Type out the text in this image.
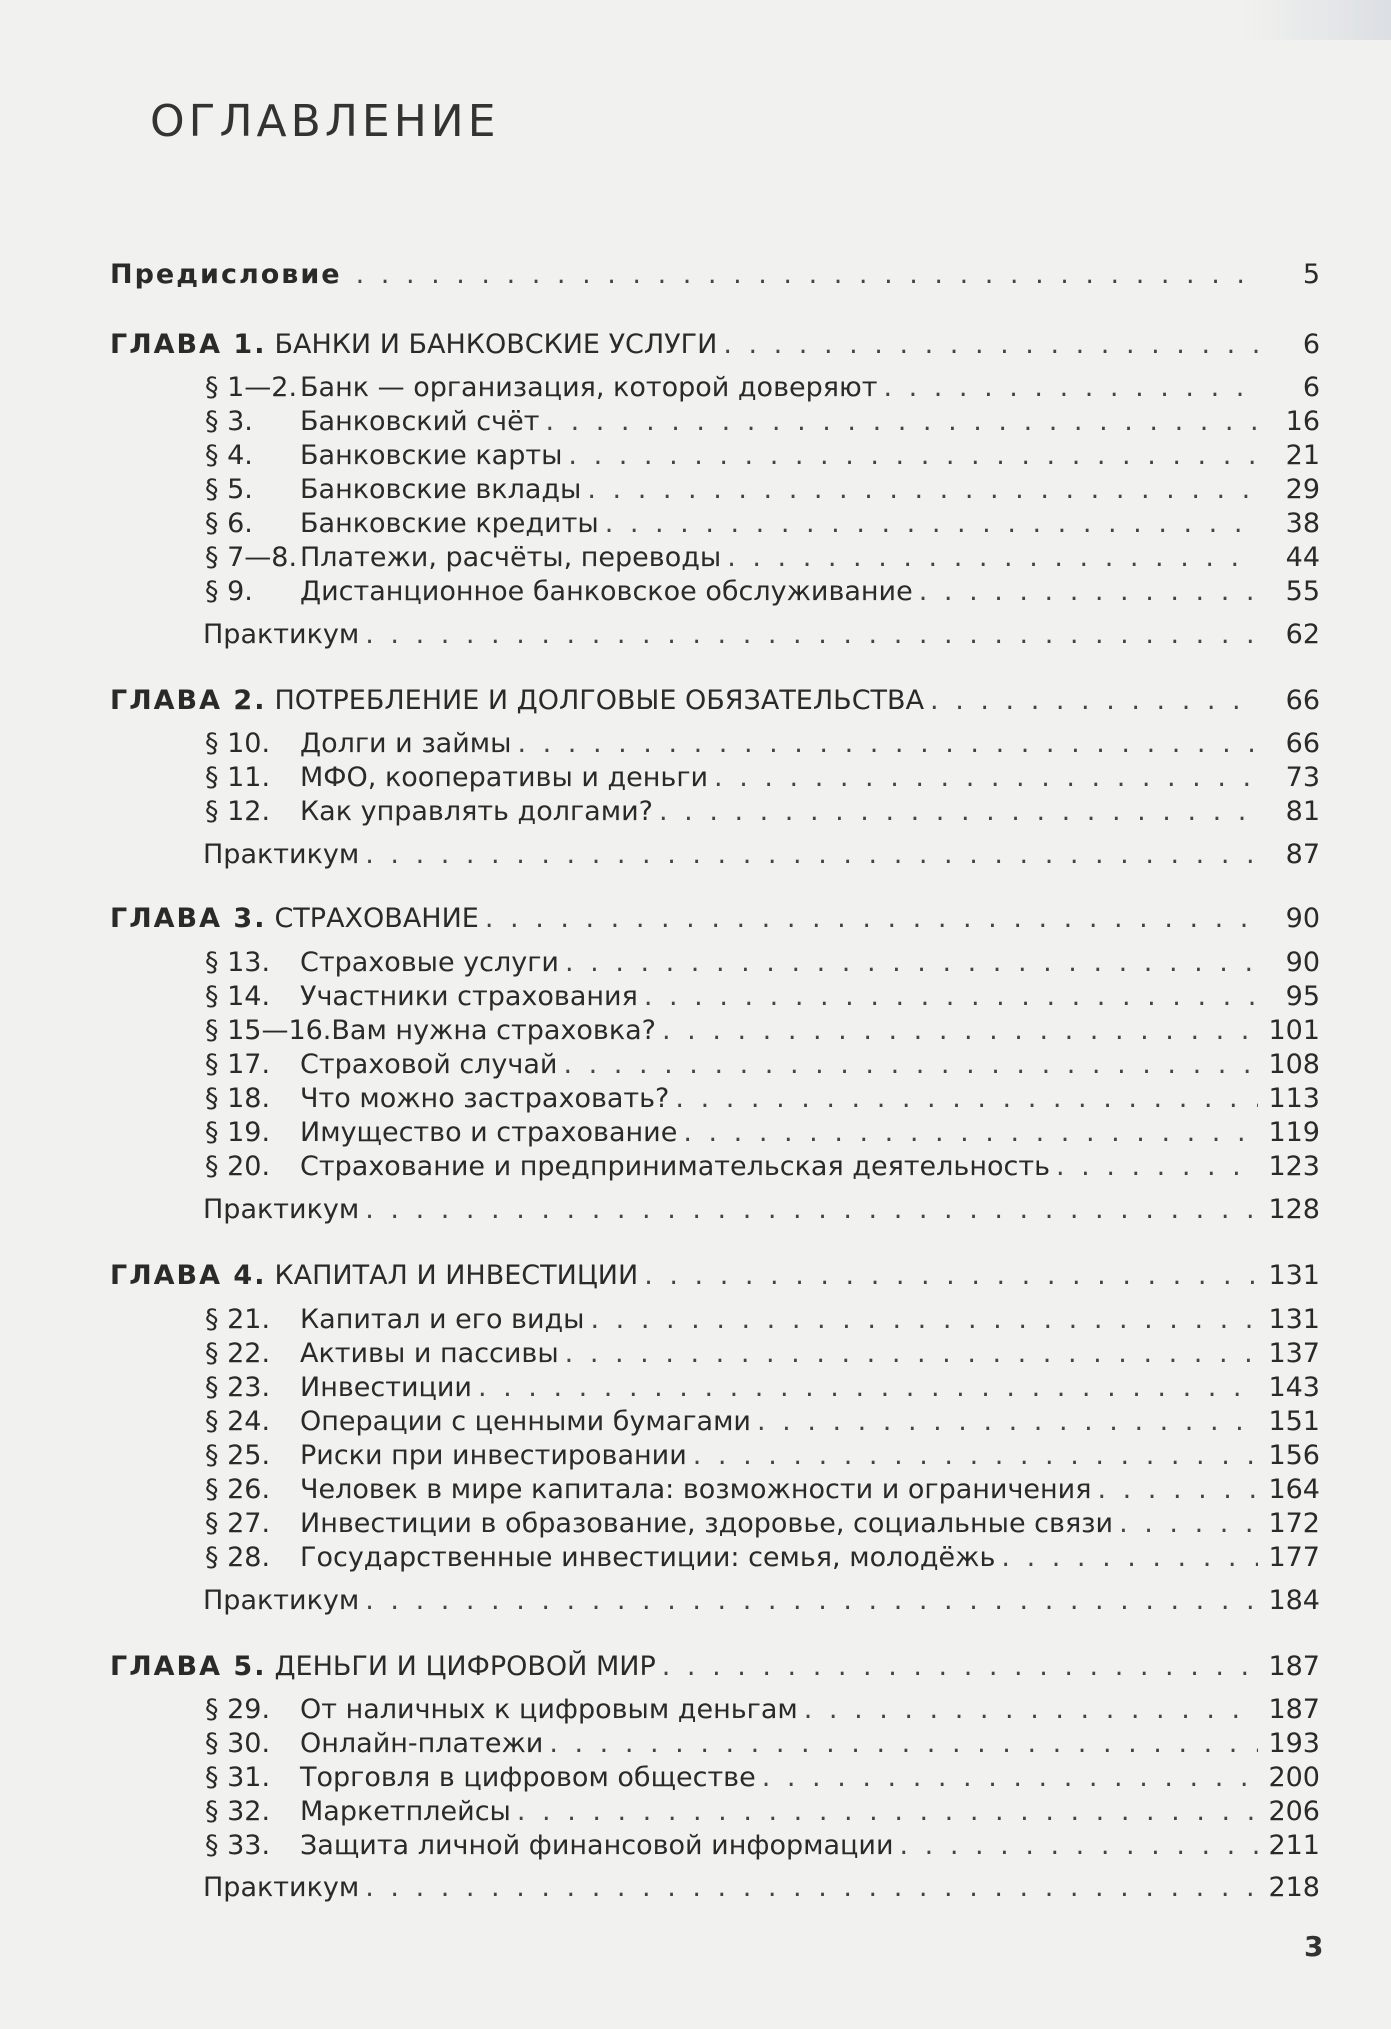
ОГЛАВЛЕНИЕ
Предисловие . . .	5
ГЛАВА 1. БАНКИ И БАНКОВСКИЕ УСЛУГИ . . .	6
§ 1—2. Банк — организация, которой доверяют . . .	6
§ 3. Банковский счёт . . .	16
§ 4. Банковские карты . . .	21
§ 5. Банковские вклады . . .	29
§ 6. Банковские кредиты . . .	38
§ 7—8. Платежи, расчёты, переводы . . .	44
§ 9. Дистанционное банковское обслуживание . . .	55
Практикум . . .	62
ГЛАВА 2. ПОТРЕБЛЕНИЕ И ДОЛГОВЫЕ ОБЯЗАТЕЛЬСТВА . . .	66
§ 10. Долги и займы . . .	66
§ 11. МФО, кооперативы и деньги . . .	73
§ 12. Как управлять долгами? . . .	81
Практикум . . .	87
ГЛАВА 3. СТРАХОВАНИЕ . . .	90
§ 13. Страховые услуги . . .	90
§ 14. Участники страхования . . .	95
§ 15—16.Вам нужна страховка? . . .	101
§ 17. Страховой случай . . .	108
§ 18. Что можно застраховать? . . .	113
§ 19. Имущество и страхование . . .	119
§ 20. Страхование и предпринимательская деятельность . . .	123
Практикум . . .	128
ГЛАВА 4. КАПИТАЛ И ИНВЕСТИЦИИ . . .	131
§ 21. Капитал и его виды . . .	131
§ 22. Активы и пассивы . . .	137
§ 23. Инвестиции . . .	143
§ 24. Операции с ценными бумагами . . .	151
§ 25. Риски при инвестировании . . .	156
§ 26. Человек в мире капитала: возможности и ограничения . . .	164
§ 27. Инвестиции в образование, здоровье, социальные связи . . .	172
§ 28. Государственные инвестиции: семья, молодёжь . . .	177
Практикум . . .	184
ГЛАВА 5. ДЕНЬГИ И ЦИФРОВОЙ МИР . . .	187
§ 29. От наличных к цифровым деньгам . . .	187
§ 30. Онлайн-платежи . . .	193
§ 31. Торговля в цифровом обществе . . .	200
§ 32. Маркетплейсы . . .	206
§ 33. Защита личной финансовой информации . . .	211
Практикум . . .	218
3
